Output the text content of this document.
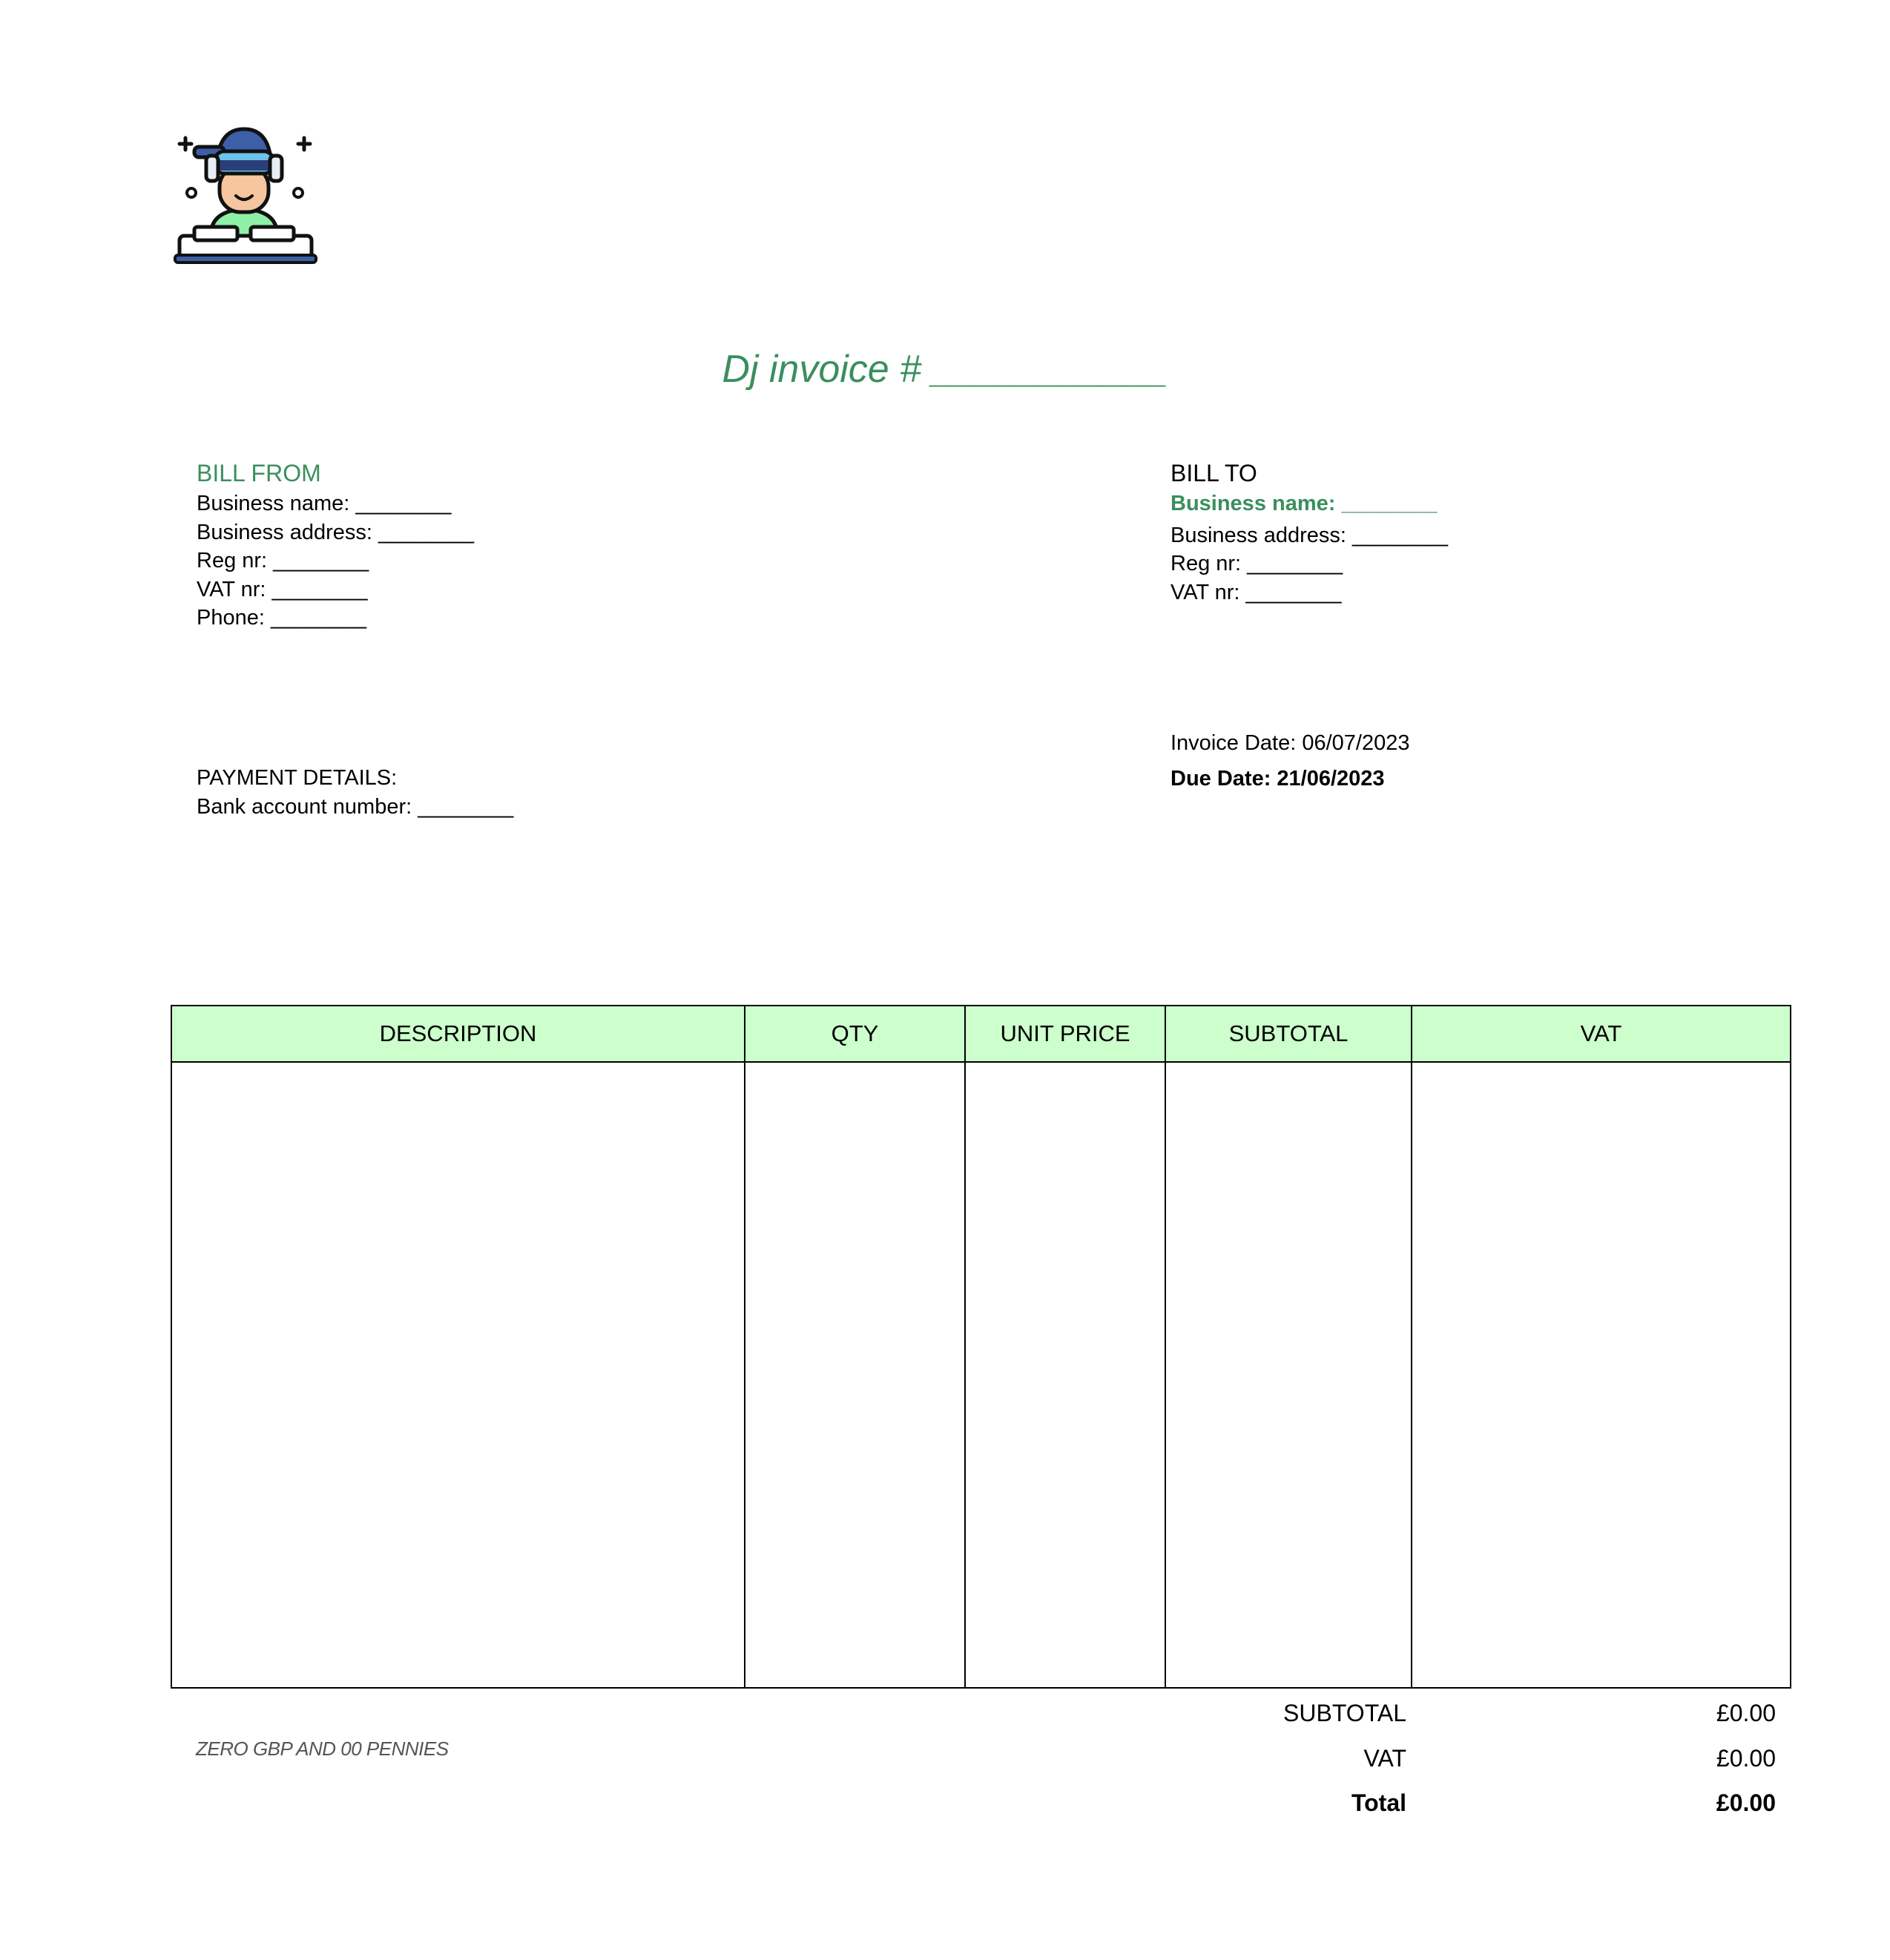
Dj invoice # ___________
BILL FROM
Business name: ________
Business address: ________
Reg nr: ________
VAT nr: ________
Phone: ________
BILL TO
Business name: ________
Business address: ________
Reg nr: ________
VAT nr: ________
PAYMENT DETAILS:
Bank account number: ________
Invoice Date: 06/07/2023
Due Date: 21/06/2023
DESCRIPTION	QTY	UNIT PRICE	SUBTOTAL	VAT

ZERO GBP AND 00 PENNIES
SUBTOTAL	£0.00
VAT	£0.00
Total	£0.00
